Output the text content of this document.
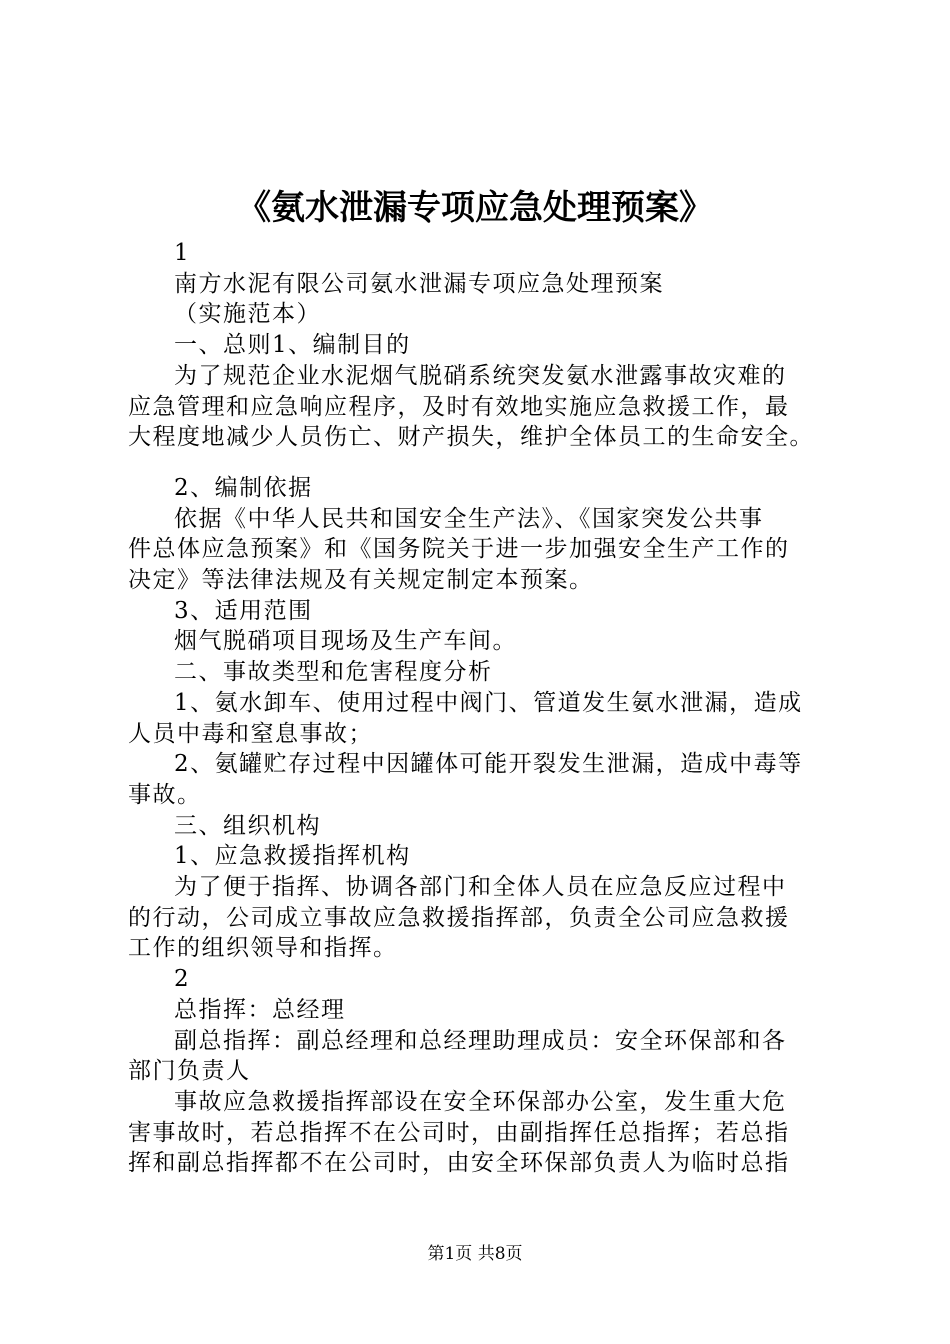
《氨水泄漏专项应急处理预案》
1
南方水泥有限公司氨水泄漏专项应急处理预案
（实施范本）
一、总则1、编制目的
为了规范企业水泥烟气脱硝系统突发氨水泄露事故灾难的
应急管理和应急响应程序，及时有效地实施应急救援工作，最
大程度地减少人员伤亡、财产损失，维护全体员工的生命安全。
2、编制依据
依据《中华人民共和国安全生产法》、《国家突发公共事
件总体应急预案》和《国务院关于进一步加强安全生产工作的
决定》等法律法规及有关规定制定本预案。
3、适用范围
烟气脱硝项目现场及生产车间。
二、事故类型和危害程度分析
1、氨水卸车、使用过程中阀门、管道发生氨水泄漏，造成
人员中毒和窒息事故；
2、氨罐贮存过程中因罐体可能开裂发生泄漏，造成中毒等
事故。
三、组织机构
1、应急救援指挥机构
为了便于指挥、协调各部门和全体人员在应急反应过程中
的行动，公司成立事故应急救援指挥部，负责全公司应急救援
工作的组织领导和指挥。
2
总指挥：总经理
副总指挥：副总经理和总经理助理成员：安全环保部和各
部门负责人
事故应急救援指挥部设在安全环保部办公室，发生重大危
害事故时，若总指挥不在公司时，由副指挥任总指挥；若总指
挥和副总指挥都不在公司时，由安全环保部负责人为临时总指
第1页 共8页
